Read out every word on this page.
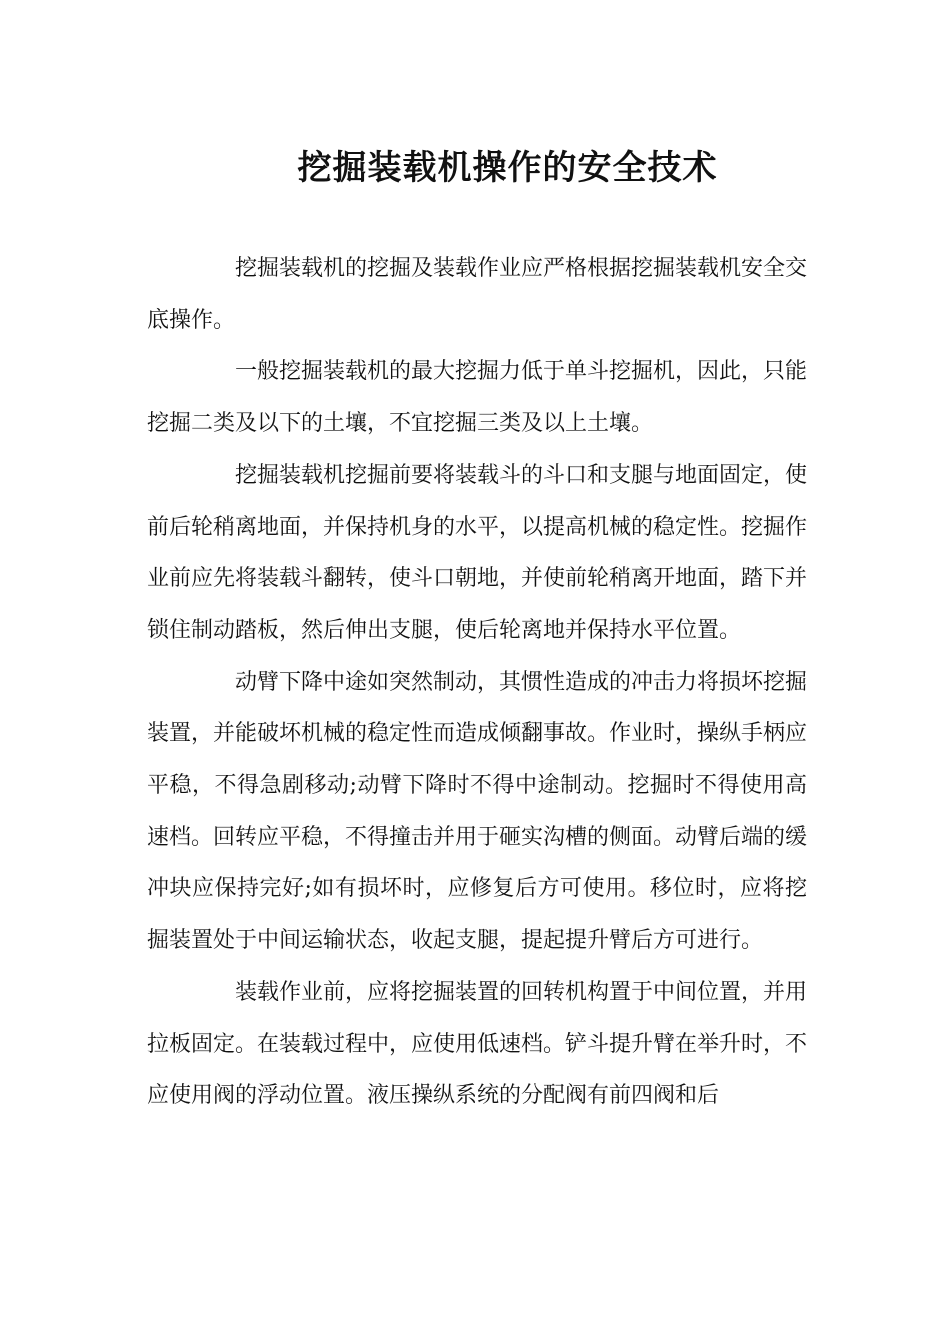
挖掘装载机操作的安全技术

挖掘装载机的挖掘及装载作业应严格根据挖掘装载机安全交底操作。

一般挖掘装载机的最大挖掘力低于单斗挖掘机，因此，只能挖掘二类及以下的土壤，不宜挖掘三类及以上土壤。

挖掘装载机挖掘前要将装载斗的斗口和支腿与地面固定，使前后轮稍离地面，并保持机身的水平，以提高机械的稳定性。挖掘作业前应先将装载斗翻转，使斗口朝地，并使前轮稍离开地面，踏下并锁住制动踏板，然后伸出支腿，使后轮离地并保持水平位置。

动臂下降中途如突然制动，其惯性造成的冲击力将损坏挖掘装置，并能破坏机械的稳定性而造成倾翻事故。作业时，操纵手柄应平稳，不得急剧移动;动臂下降时不得中途制动。挖掘时不得使用高速档。回转应平稳，不得撞击并用于砸实沟槽的侧面。动臂后端的缓冲块应保持完好;如有损坏时，应修复后方可使用。移位时，应将挖掘装置处于中间运输状态，收起支腿，提起提升臂后方可进行。

装载作业前，应将挖掘装置的回转机构置于中间位置，并用拉板固定。在装载过程中，应使用低速档。铲斗提升臂在举升时，不应使用阀的浮动位置。液压操纵系统的分配阀有前四阀和后
